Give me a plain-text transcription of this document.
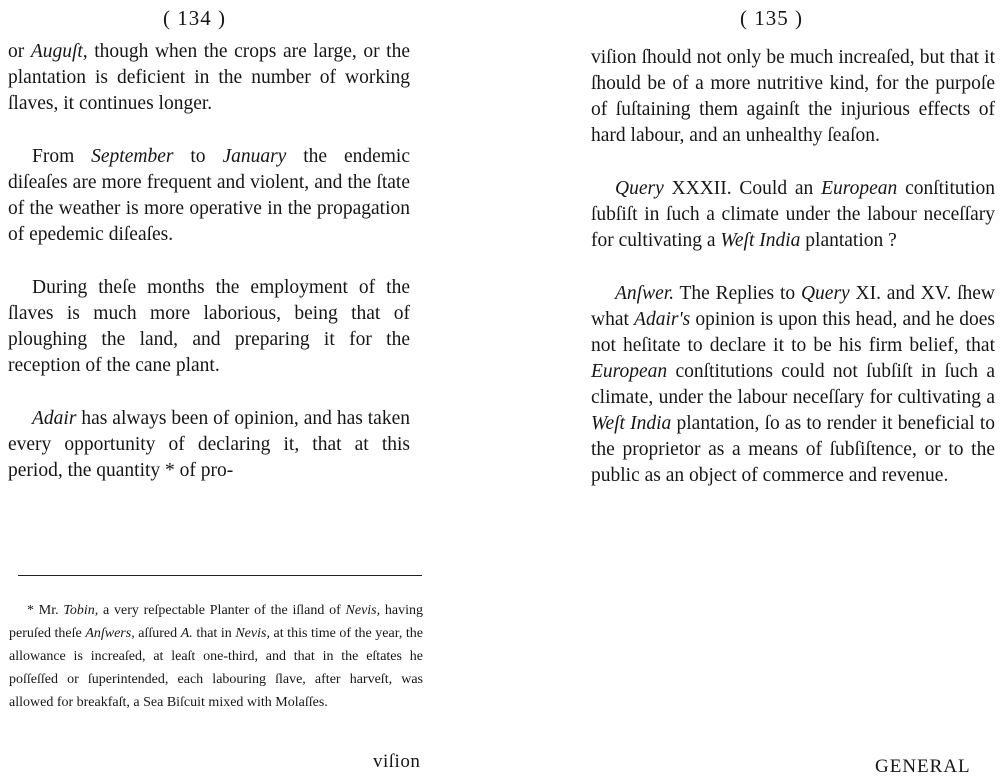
( 134 )

or Auguſt, though when the crops are large, or the plantation is deficient in the number of working ſlaves, it continues longer.

From September to January the endemic diſeaſes are more frequent and violent, and the ſtate of the weather is more operative in the propagation of epedemic diſeaſes.

During theſe months the employment of the ſlaves is much more laborious, being that of ploughing the land, and preparing it for the reception of the cane plant.

Adair has always been of opinion, and has taken every opportunity of declaring it, that at this period, the quantity * of pro-

* Mr. Tobin, a very reſpectable Planter of the iſland of Nevis, having peruſed theſe Anſwers, aſſured A. that in Nevis, at this time of the year, the allowance is increaſed, at leaſt one-third, and that in the eſtates he poſſeſſed or ſuperintended, each labouring ſlave, after harveſt, was allowed for breakfaſt, a Sea Biſcuit mixed with Molaſſes.
viſion
( 135 )

viſion ſhould not only be much increaſed, but that it ſhould be of a more nutritive kind, for the purpoſe of ſuſtaining them againſt the injurious effects of hard labour, and an unhealthy ſeaſon.

Query XXXII. Could an European conſtitution ſubſiſt in ſuch a climate under the labour neceſſary for cultivating a Weſt India plantation ?

Anſwer. The Replies to Query XI. and XV. ſhew what Adair's opinion is upon this head, and he does not heſitate to declare it to be his firm belief, that European conſtitutions could not ſubſiſt in ſuch a climate, under the labour neceſſary for cultivating a Weſt India plantation, ſo as to render it beneficial to the proprietor as a means of ſubſiſtence, or to the public as an object of commerce and revenue.

GENERAL
